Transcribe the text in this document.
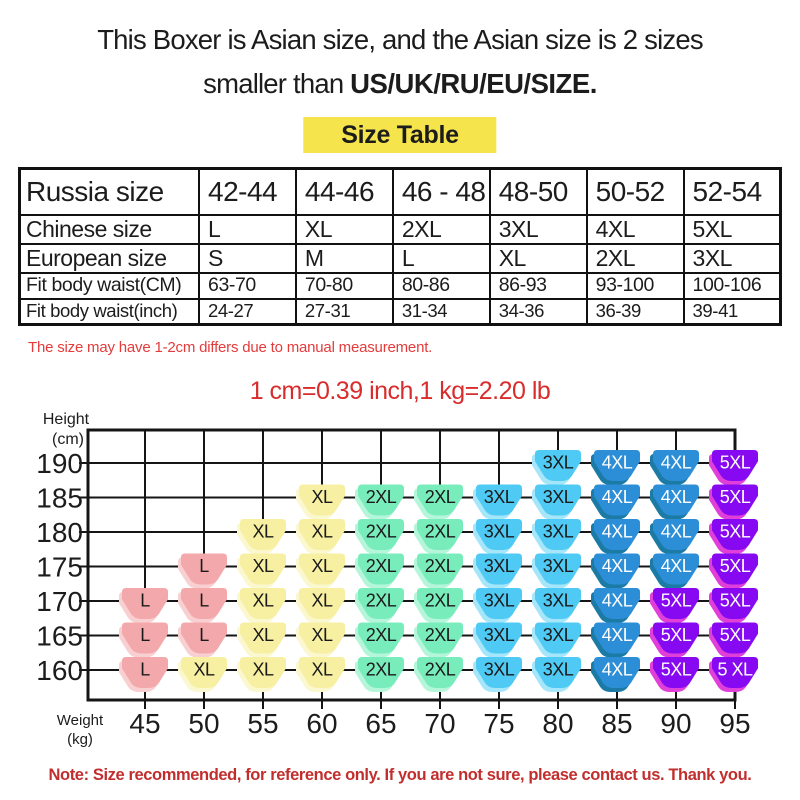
This Boxer is Asian size, and the Asian size is 2 sizes
smaller than US/UK/RU/EU/SIZE.
Size Table
Russia size	42-44	44-46	46 - 48	48-50	50-52	52-54
Chinese size	L	XL	2XL	3XL	4XL	5XL
European size	S	M	L	XL	2XL	3XL
Fit body waist(CM)	63-70	70-80	80-86	86-93	93-100	100-106
Fit body waist(inch)	24-27	27-31	31-34	34-36	36-39	39-41
The size may have 1-2cm differs due to manual measurement.
1 cm=0.39 inch,1 kg=2.20 lb
Height
(cm)
Weight
(kg)
190
185
180
175
170
165
160
45 50 55 60 65 70 75 80 85 90 95
3XL 4XL 4XL 5XL
XL 2XL 2XL 3XL 3XL 4XL 4XL 5XL
XL XL 2XL 2XL 3XL 3XL 4XL 4XL 5XL
L XL XL 2XL 2XL 3XL 3XL 4XL 4XL 5XL
L	L XL XL 2XL 2XL 3XL 3XL 4XL 5XL 5XL
L	L XL XL 2XL 2XL 3XL 3XL 4XL 5XL 5XL
L XL XL XL 2XL 2XL 3XL 3XL 4XL 5XL 5 XL
Note: Size recommended, for reference only. If you are not sure, please contact us. Thank you.
